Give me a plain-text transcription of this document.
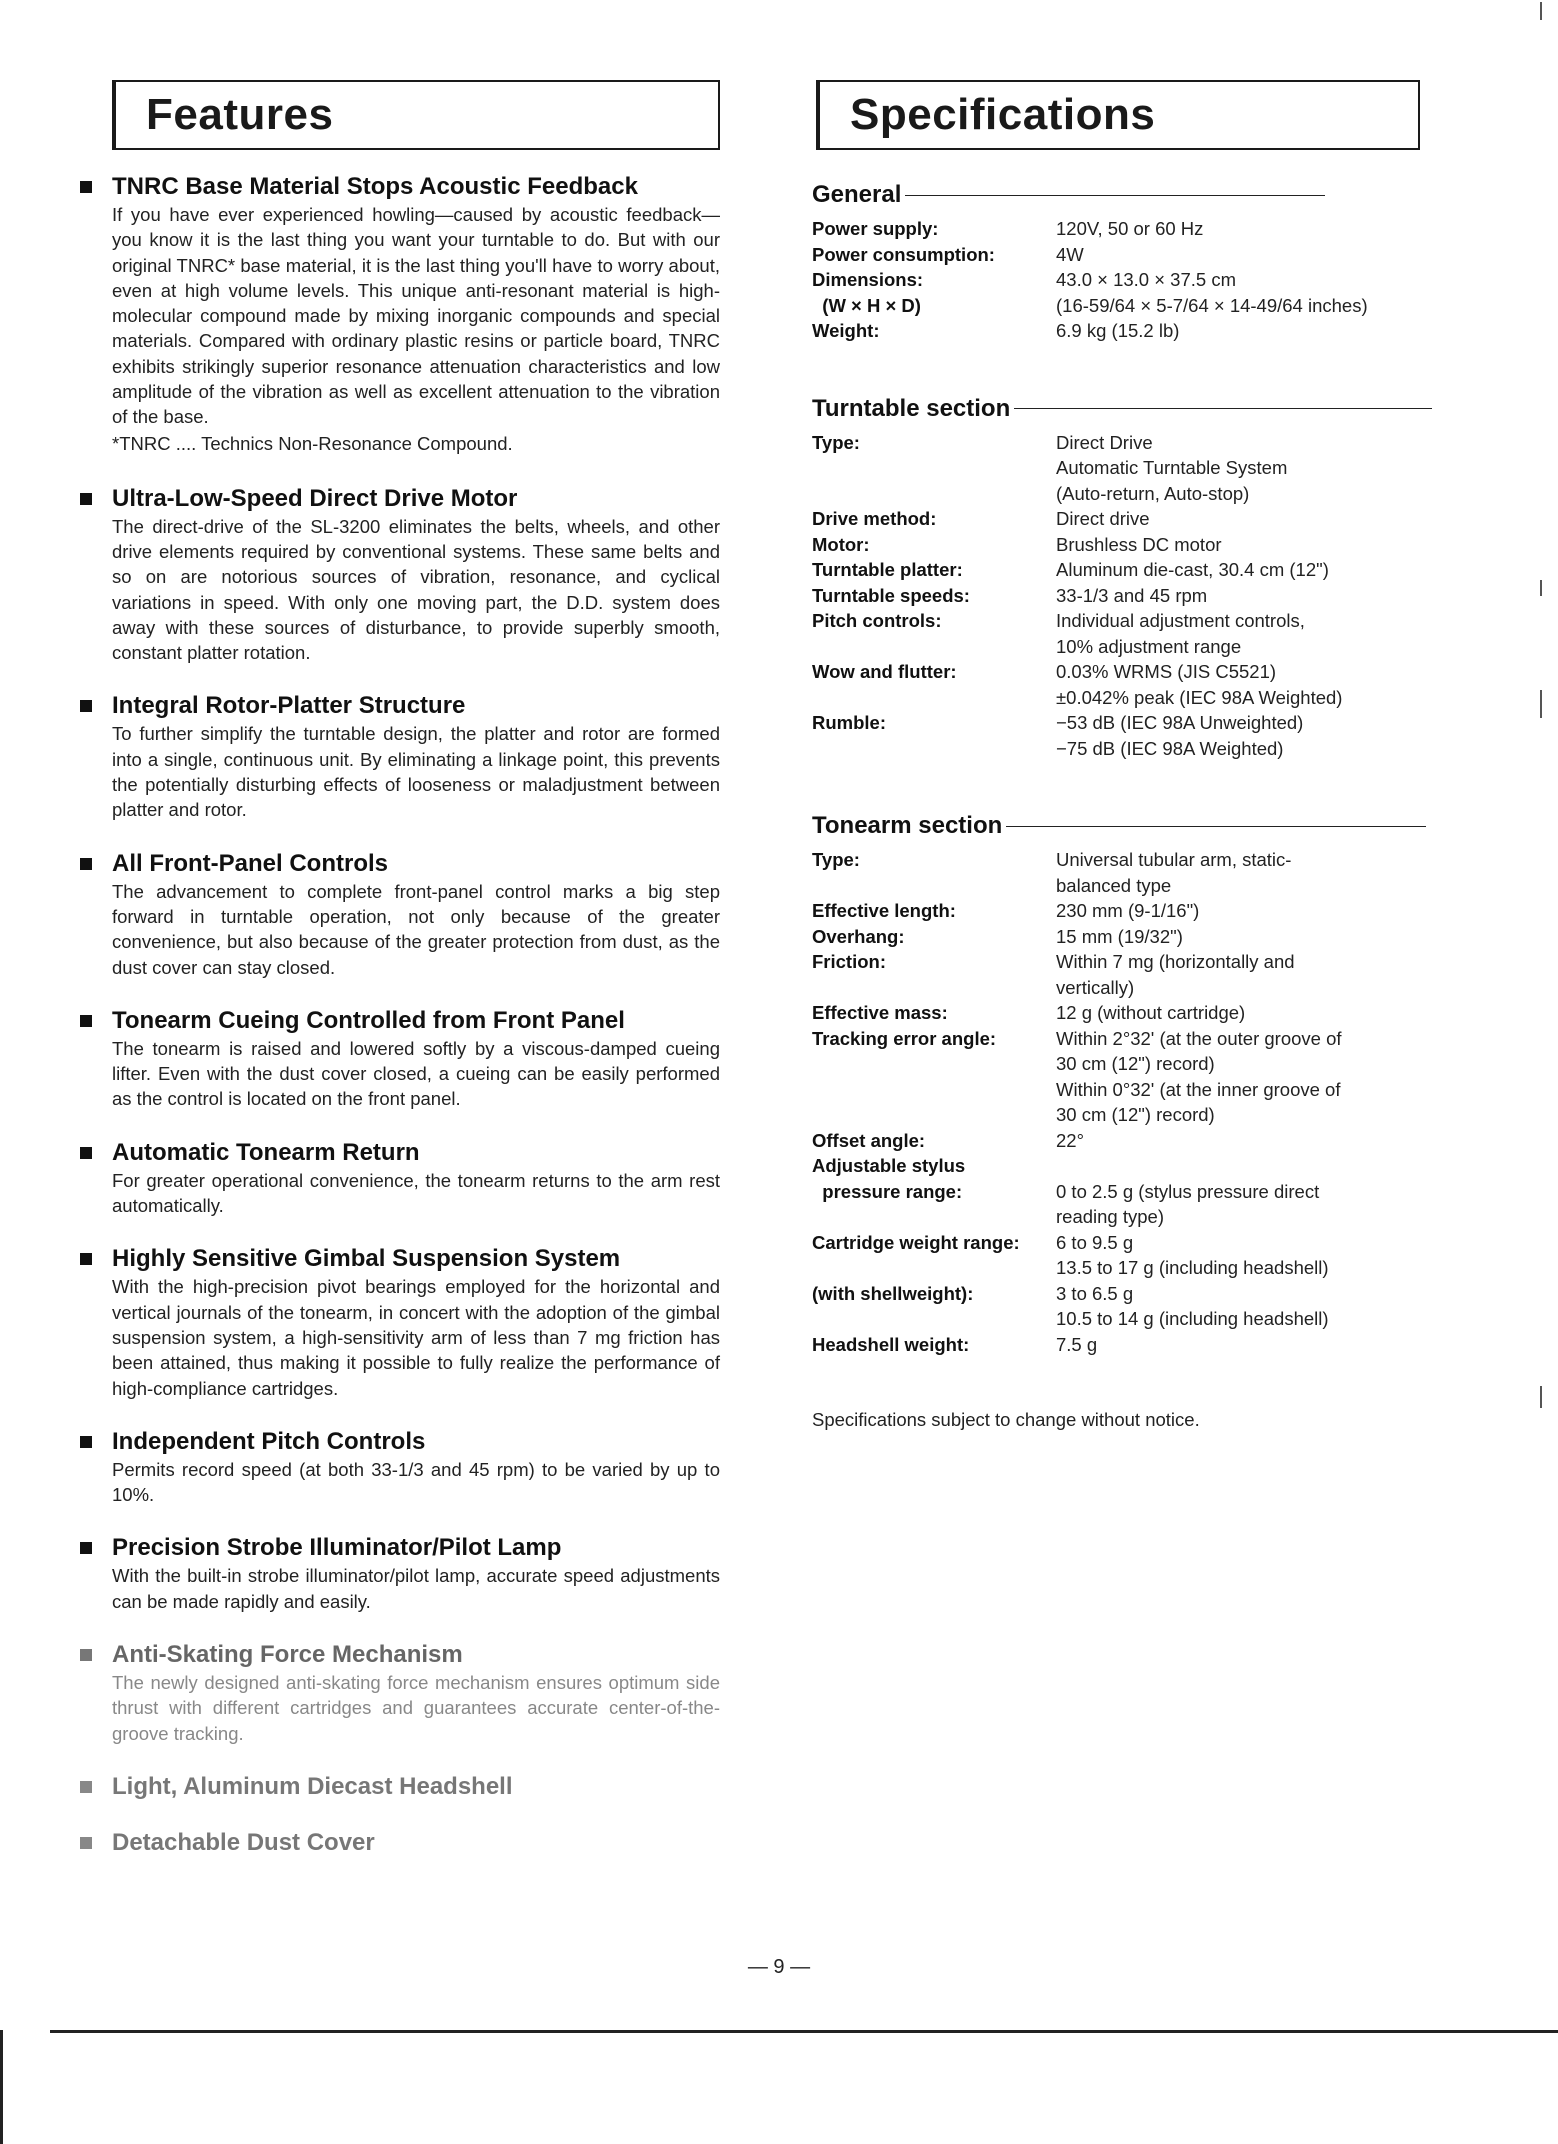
Features	Specifications
TNRC Base Material Stops Acoustic Feedback
If you have ever experienced howling—caused by acoustic feedback—you know it is the last thing you want your turntable to do. But with our original TNRC* base material, it is the last thing you'll have to worry about, even at high volume levels. This unique anti-resonant material is high-molecular compound made by mixing inorganic compounds and special materials. Compared with ordinary plastic resins or particle board, TNRC exhibits strikingly superior resonance attenuation characteristics and low amplitude of the vibration as well as excellent attenuation to the vibration of the base.
*TNRC .... Technics Non-Resonance Compound.
Ultra-Low-Speed Direct Drive Motor
The direct-drive of the SL-3200 eliminates the belts, wheels, and other drive elements required by conventional systems. These same belts and so on are notorious sources of vibration, resonance, and cyclical variations in speed. With only one moving part, the D.D. system does away with these sources of disturbance, to provide superbly smooth, constant platter rotation.
Integral Rotor-Platter Structure
To further simplify the turntable design, the platter and rotor are formed into a single, continuous unit. By eliminating a linkage point, this prevents the potentially disturbing effects of looseness or maladjustment between platter and rotor.
All Front-Panel Controls
The advancement to complete front-panel control marks a big step forward in turntable operation, not only because of the greater convenience, but also because of the greater protection from dust, as the dust cover can stay closed.
Tonearm Cueing Controlled from Front Panel
The tonearm is raised and lowered softly by a viscous-damped cueing lifter. Even with the dust cover closed, a cueing can be easily performed as the control is located on the front panel.
Automatic Tonearm Return
For greater operational convenience, the tonearm returns to the arm rest automatically.
Highly Sensitive Gimbal Suspension System
With the high-precision pivot bearings employed for the horizontal and vertical journals of the tonearm, in concert with the adoption of the gimbal suspension system, a high-sensitivity arm of less than 7 mg friction has been attained, thus making it possible to fully realize the performance of high-compliance cartridges.
Independent Pitch Controls
Permits record speed (at both 33-1/3 and 45 rpm) to be varied by up to 10%.
Precision Strobe Illuminator/Pilot Lamp
With the built-in strobe illuminator/pilot lamp, accurate speed adjustments can be made rapidly and easily.
Anti-Skating Force Mechanism
The newly designed anti-skating force mechanism ensures optimum side thrust with different cartridges and guarantees accurate center-of-the-groove tracking.
Light, Aluminum Diecast Headshell
Detachable Dust Cover
General
Power supply:	120V, 50 or 60 Hz
Power consumption:	4W
Dimensions:	43.0 × 13.0 × 37.5 cm
(W × H × D)	(16-59/64 × 5-7/64 × 14-49/64 inches)
Weight:	6.9 kg (15.2 lb)
Turntable section
Type:	Direct Drive
Automatic Turntable System
(Auto-return, Auto-stop)
Drive method:	Direct drive
Motor:	Brushless DC motor
Turntable platter:	Aluminum die-cast, 30.4 cm (12")
Turntable speeds:	33-1/3 and 45 rpm
Pitch controls:	Individual adjustment controls,
10% adjustment range
Wow and flutter:	0.03% WRMS (JIS C5521)
±0.042% peak (IEC 98A Weighted)
Rumble:	−53 dB (IEC 98A Unweighted)
−75 dB (IEC 98A Weighted)
Tonearm section
Type:	Universal tubular arm, static-
balanced type
Effective length:	230 mm (9-1/16")
Overhang:	15 mm (19/32")
Friction:	Within 7 mg (horizontally and
vertically)
Effective mass:	12 g (without cartridge)
Tracking error angle:	Within 2°32' (at the outer groove of
30 cm (12") record)
Within 0°32' (at the inner groove of
30 cm (12") record)
Offset angle:	22°
Adjustable stylus
pressure range:	0 to 2.5 g (stylus pressure direct
reading type)
Cartridge weight range:	6 to 9.5 g
13.5 to 17 g (including headshell)
(with shellweight):	3 to 6.5 g
10.5 to 14 g (including headshell)
Headshell weight:	7.5 g
Specifications subject to change without notice.
— 9 —
